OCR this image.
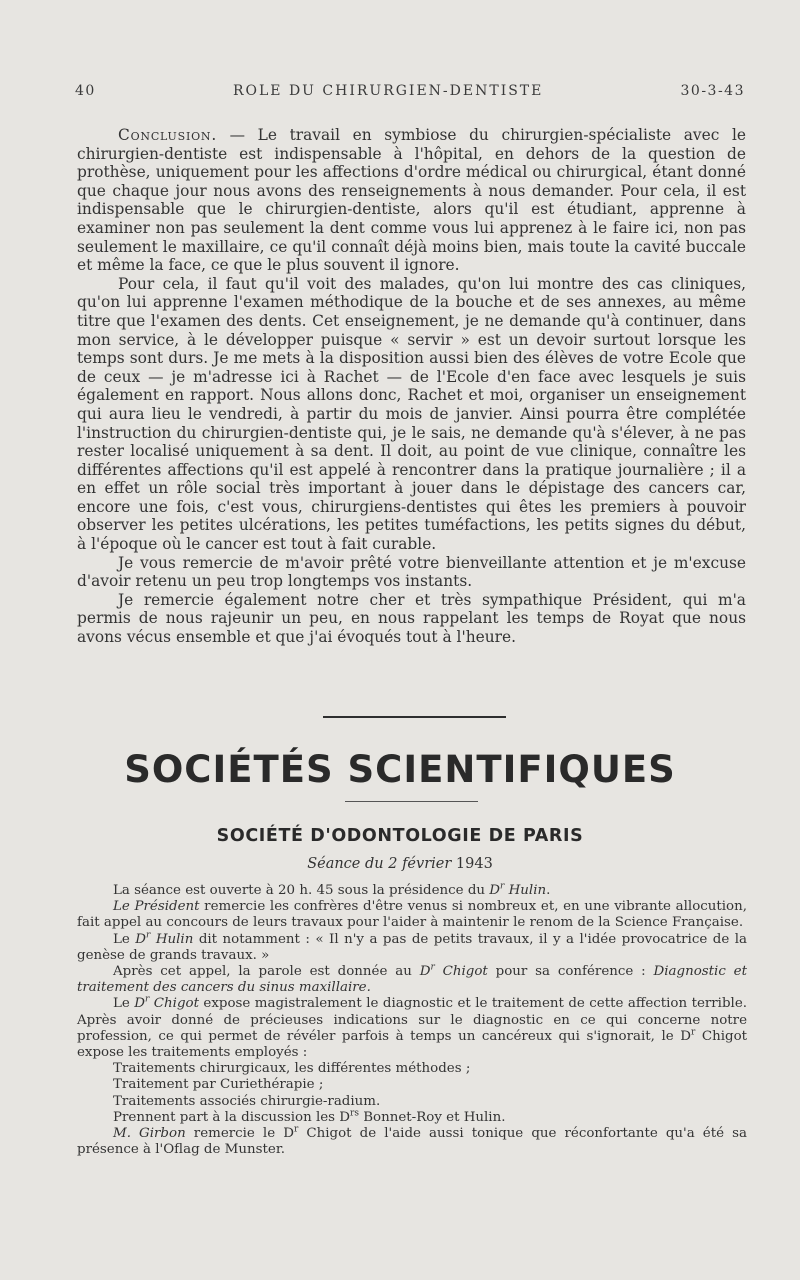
40	ROLE DU CHIRURGIEN-DENTISTE	30-3-43

Conclusion. — Le travail en symbiose du chirurgien-spécialiste avec le chirurgien-dentiste est indispensable à l'hôpital, en dehors de la question de prothèse, uniquement pour les affections d'ordre médical ou chirurgical, étant donné que chaque jour nous avons des renseignements à nous demander. Pour cela, il est indispensable que le chirurgien-dentiste, alors qu'il est étudiant, apprenne à examiner non pas seulement la dent comme vous lui apprenez à le faire ici, non pas seulement le maxillaire, ce qu'il connaît déjà moins bien, mais toute la cavité buccale et même la face, ce que le plus souvent il ignore.

Pour cela, il faut qu'il voit des malades, qu'on lui montre des cas cliniques, qu'on lui apprenne l'examen méthodique de la bouche et de ses annexes, au même titre que l'examen des dents. Cet enseignement, je ne demande qu'à continuer, dans mon service, à le développer puisque « servir » est un devoir surtout lorsque les temps sont durs. Je me mets à la disposition aussi bien des élèves de votre Ecole que de ceux — je m'adresse ici à Rachet — de l'Ecole d'en face avec lesquels je suis également en rapport. Nous allons donc, Rachet et moi, organiser un enseignement qui aura lieu le vendredi, à partir du mois de janvier. Ainsi pourra être complétée l'instruction du chirurgien-dentiste qui, je le sais, ne demande qu'à s'élever, à ne pas rester localisé uniquement à sa dent. Il doit, au point de vue clinique, connaître les différentes affections qu'il est appelé à rencontrer dans la pratique journalière ; il a en effet un rôle social très important à jouer dans le dépistage des cancers car, encore une fois, c'est vous, chirurgiens-dentistes qui êtes les premiers à pouvoir observer les petites ulcérations, les petites tuméfactions, les petits signes du début, à l'époque où le cancer est tout à fait curable.

Je vous remercie de m'avoir prêté votre bienveillante attention et je m'excuse d'avoir retenu un peu trop longtemps vos instants.

Je remercie également notre cher et très sympathique Président, qui m'a permis de nous rajeunir un peu, en nous rappelant les temps de Royat que nous avons vécus ensemble et que j'ai évoqués tout à l'heure.

SOCIÉTÉS SCIENTIFIQUES
SOCIÉTÉ D'ODONTOLOGIE DE PARIS
Séance du 2 février 1943

La séance est ouverte à 20 h. 45 sous la présidence du $D^r$ Hulin.

Le Président remercie les confrères d'être venus si nombreux et, en une vibrante allocution, fait appel au concours de leurs travaux pour l'aider à maintenir le renom de la Science Française.

Le $D^r$ Hulin dit notamment : « Il n'y a pas de petits travaux, il y a l'idée provocatrice de la genèse de grands travaux. »

Après cet appel, la parole est donnée au $D^r$ Chigot pour sa conférence : Diagnostic et traitement des cancers du sinus maxillaire.

Le $D^r$ Chigot expose magistralement le diagnostic et le traitement de cette affection terrible. Après avoir donné de précieuses indications sur le diagnostic en ce qui concerne notre profession, ce qui permet de révéler parfois à temps un cancéreux qui s'ignorait, le $D^r$ Chigot expose les traitements employés :

Traitements chirurgicaux, les différentes méthodes ;

Traitement par Curiethérapie ;

Traitements associés chirurgie-radium.

Prennent part à la discussion les $D^{rs}$ Bonnet-Roy et Hulin.

M. Girbon remercie le $D^r$ Chigot de l'aide aussi tonique que réconfortante qu'a été sa présence à l'Oflag de Munster.
